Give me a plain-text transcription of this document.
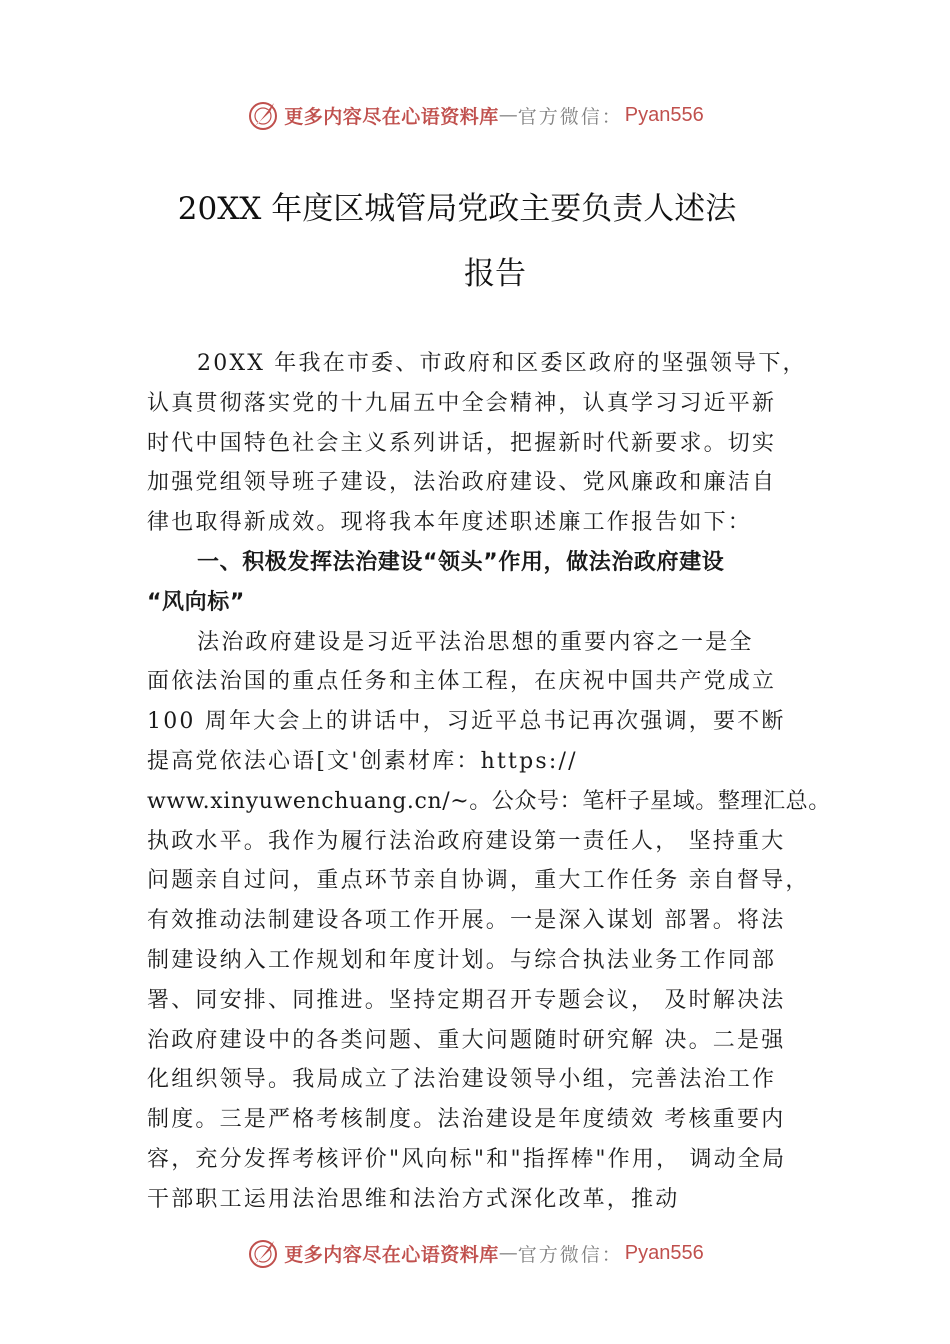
更多内容尽在心语资料库 — 官方微信： Pyan556
20XX 年度区城管局党政主要负责人述法
报告

20XX 年我在市委、市政府和区委区政府的坚强领导下，
认真贯彻落实党的十九届五中全会精神，认真学习习近平新
时代中国特色社会主义系列讲话，把握新时代新要求。切实
加强党组领导班子建设，法治政府建设、党风廉政和廉洁自
律也取得新成效。现将我本年度述职述廉工作报告如下：

一、积极发挥法治建设“领头”作用，做法治政府建设
“风向标”

法治政府建设是习近平法治思想的重要内容之一是全
面依法治国的重点任务和主体工程，在庆祝中国共产党成立
100 周年大会上的讲话中，习近平总书记再次强调，要不断
提高党依法心语[文'创素材库：https://
www.xinyuwenchuang.cn/~。公众号：笔杆子星域。整理汇总。
执政水平。我作为履行法治政府建设第一责任人， 坚持重大
问题亲自过问，重点环节亲自协调，重大工作任务 亲自督导，
有效推动法制建设各项工作开展。一是深入谋划 部署。将法
制建设纳入工作规划和年度计划。与综合执法业务工作同部
署、同安排、同推进。坚持定期召开专题会议， 及时解决法
治政府建设中的各类问题、重大问题随时研究解 决。二是强
化组织领导。我局成立了法治建设领导小组，完善法治工作
制度。三是严格考核制度。法治建设是年度绩效 考核重要内
容，充分发挥考核评价"风向标"和"指挥棒"作用， 调动全局
干部职工运用法治思维和法治方式深化改革，推动

更多内容尽在心语资料库 — 官方微信： Pyan556
